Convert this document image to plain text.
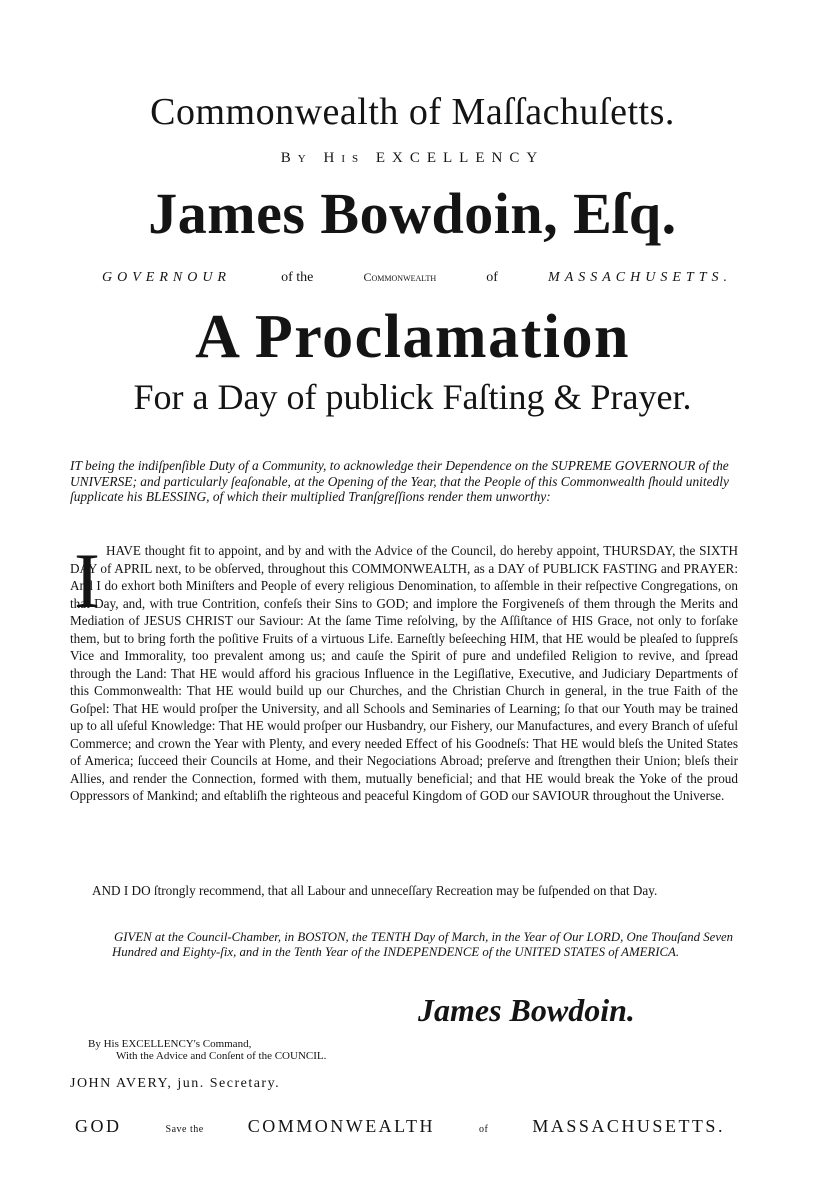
Commonwealth of Maſſachuſetts.
By His EXCELLENCY
James Bowdoin, Eſq.
GOVERNOUR	of the	Commonwealth	of	MASSACHUSETTS.
A Proclamation
For a Day of publick Faſting & Prayer.
IT being the indiſpenſible Duty of a Community, to acknowledge their Dependence on the SUPREME GOVERNOUR of the UNIVERSE; and particularly ſeaſonable, at the Opening of the Year, that the People of this Commonwealth ſhould unitedly ſupplicate his BLESSING, of which their multiplied Tranſgreſſions render them unworthy:
I HAVE thought fit to appoint, and by and with the Advice of the Council, do hereby appoint, THURSDAY, the SIXTH DAY of APRIL next, to be obſerved, throughout this COMMONWEALTH, as a DAY of PUBLICK FASTING and PRAYER: And I do exhort both Miniſters and People of every religious Denomination, to aſſemble in their reſpective Congregations, on that Day, and, with true Contrition, confeſs their Sins to GOD; and implore the Forgiveneſs of them through the Merits and Mediation of JESUS CHRIST our Saviour: At the ſame Time reſolving, by the Aſſiſtance of HIS Grace, not only to forſake them, but to bring forth the poſitive Fruits of a virtuous Life. Earneſtly beſeeching HIM, that HE would be pleaſed to ſuppreſs Vice and Immorality, too prevalent among us; and cauſe the Spirit of pure and undefiled Religion to revive, and ſpread through the Land: That HE would afford his gracious Influence in the Legiſlative, Executive, and Judiciary Departments of this Commonwealth: That HE would build up our Churches, and the Christian Church in general, in the true Faith of the Goſpel: That HE would proſper the University, and all Schools and Seminaries of Learning; ſo that our Youth may be trained up to all uſeful Knowledge: That HE would proſper our Husbandry, our Fishery, our Manufactures, and every Branch of uſeful Commerce; and crown the Year with Plenty, and every needed Effect of his Goodneſs: That HE would bleſs the United States of America; ſucceed their Councils at Home, and their Negociations Abroad; preſerve and ſtrengthen their Union; bleſs their Allies, and render the Connection, formed with them, mutually beneficial; and that HE would break the Yoke of the proud Oppressors of Mankind; and eſtabliſh the righteous and peaceful Kingdom of GOD our SAVIOUR throughout the Universe.
AND I DO ſtrongly recommend, that all Labour and unneceſſary Recreation may be ſuſpended on that Day.
GIVEN at the Council-Chamber, in BOSTON, the TENTH Day of March, in the Year of Our LORD, One Thouſand Seven Hundred and Eighty-ſix, and in the Tenth Year of the INDEPENDENCE of the UNITED STATES of AMERICA.
James Bowdoin.
By His EXCELLENCY's Command,
With the Advice and Conſent of the COUNCIL.
JOHN AVERY, jun. Secretary.
GOD	Save the COMMONWEALTH	of MASSACHUSETTS.
